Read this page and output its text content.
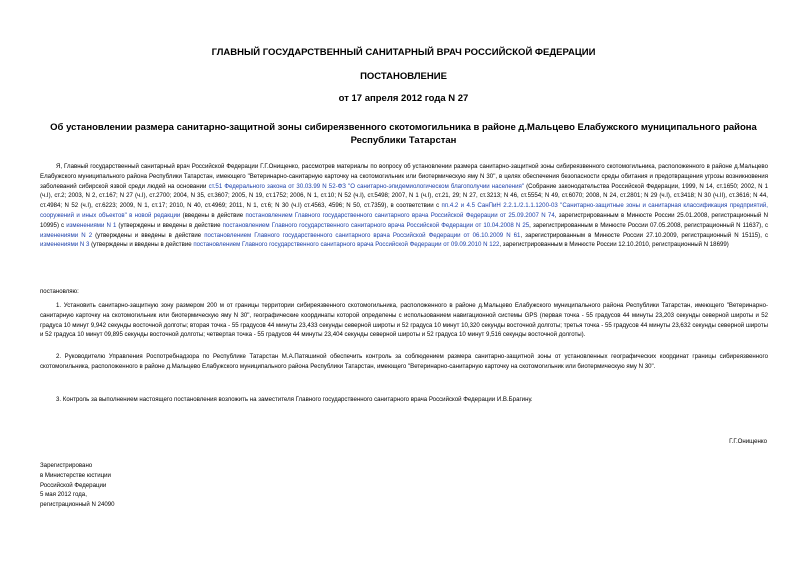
ГЛАВНЫЙ ГОСУДАРСТВЕННЫЙ САНИТАРНЫЙ ВРАЧ РОССИЙСКОЙ ФЕДЕРАЦИИ
ПОСТАНОВЛЕНИЕ
от 17 апреля 2012 года N 27
Об установлении размера санитарно-защитной зоны сибиреязвенного скотомогильника в районе д.Мальцево Елабужского муниципального района Республики Татарстан
Я, Главный государственный санитарный врач Российской Федерации Г.Г.Онищенко, рассмотрев материалы по вопросу об установлении размера санитарно-защитной зоны сибиреязвенного скотомогильника, расположенного в районе д.Мальцево Елабужского муниципального района Республики Татарстан, имеющего "Ветеринарно-санитарную карточку на скотомогильник или биотермическую яму N 30", в целях обеспечения безопасности среды обитания и предотвращения угрозы возникновения заболеваний сибирской язвой среди людей на основании ст.51 Федерального закона от 30.03.99 N 52-ФЗ "О санитарно-эпидемиологическом благополучии населения" (Собрание законодательства Российской Федерации, 1999, N 14, ст.1650; 2002, N 1 (ч.I), ст.2; 2003, N 2, ст.167; N 27 (ч.I), ст.2700; 2004, N 35, ст.3607; 2005, N 19, ст.1752; 2006, N 1, ст.10; N 52 (ч.I), ст.5498; 2007, N 1 (ч.I), ст.21, 29; N 27, ст.3213; N 46, ст.5554; N 49, ст.6070; 2008, N 24, ст.2801; N 29 (ч.I), ст.3418; N 30 (ч.II), ст.3616; N 44, ст.4984; N 52 (ч.I), ст.6223; 2009, N 1, ст.17; 2010, N 40, ст.4969; 2011, N 1, ст.6; N 30 (ч.I) ст.4563, 4596; N 50, ст.7359), в соответствии с пп.4.2 и 4.5 СанПиН 2.2.1./2.1.1.1200-03 "Санитарно-защитные зоны и санитарная классификация предприятий, сооружений и иных объектов" в новой редакции (введены в действие постановлением Главного государственного санитарного врача Российской Федерации от 25.09.2007 N 74, зарегистрированным в Минюсте России 25.01.2008, регистрационный N 10995) с изменениями N 1 (утверждены и введены в действие постановлением Главного государственного санитарного врача Российской Федерации от 10.04.2008 N 25, зарегистрированным в Минюсте России 07.05.2008, регистрационный N 11637), с изменениями N 2 (утверждены и введены в действие постановлением Главного государственного санитарного врача Российской Федерации от 06.10.2009 N 61, зарегистрированным в Минюсте России 27.10.2009, регистрационный N 15115), с изменениями N 3 (утверждены и введены в действие постановлением Главного государственного санитарного врача Российской Федерации от 09.09.2010 N 122, зарегистрированным в Минюсте России 12.10.2010, регистрационный N 18699)
постановляю:
1. Установить санитарно-защитную зону размером 200 м от границы территории сибиреязвенного скотомогильника, расположенного в районе д.Мальцево Елабужского муниципального района Республики Татарстан, имеющего "Ветеринарно-санитарную карточку на скотомогильник или биотермическую яму N 30", географические координаты которой определены с использованием навигационной системы GPS (первая точка - 55 градусов 44 минуты 23,203 секунды северной широты и 52 градуса 10 минут 9,942 секунды восточной долготы; вторая точка - 55 градусов 44 минуты 23,433 секунды северной широты и 52 градуса 10 минут 10,320 секунды восточной долготы; третья точка - 55 градусов 44 минуты 23,632 секунды северной широты и 52 градуса 10 минут 09,895 секунды восточной долготы; четвертая точка - 55 градусов 44 минуты 23,404 секунды северной широты и 52 градуса 10 минут 9,516 секунды восточной долготы).
2. Руководителю Управления Роспотребнадзора по Республике Татарстан М.А.Патяшиной обеспечить контроль за соблюдением размера санитарно-защитной зоны от установленных географических координат границы сибиреязвенного скотомогильника, расположенного в районе д.Мальцево Елабужского муниципального района Республики Татарстан, имеющего "Ветеринарно-санитарную карточку на скотомогильник или биотермическую яму N 30".
3. Контроль за выполнением настоящего постановления возложить на заместителя Главного государственного санитарного врача Российской Федерации И.В.Брагину.
Г.Г.Онищенко
Зарегистрировано
в Министерстве юстиции
Российской Федерации
5 мая 2012 года,
регистрационный N 24090
